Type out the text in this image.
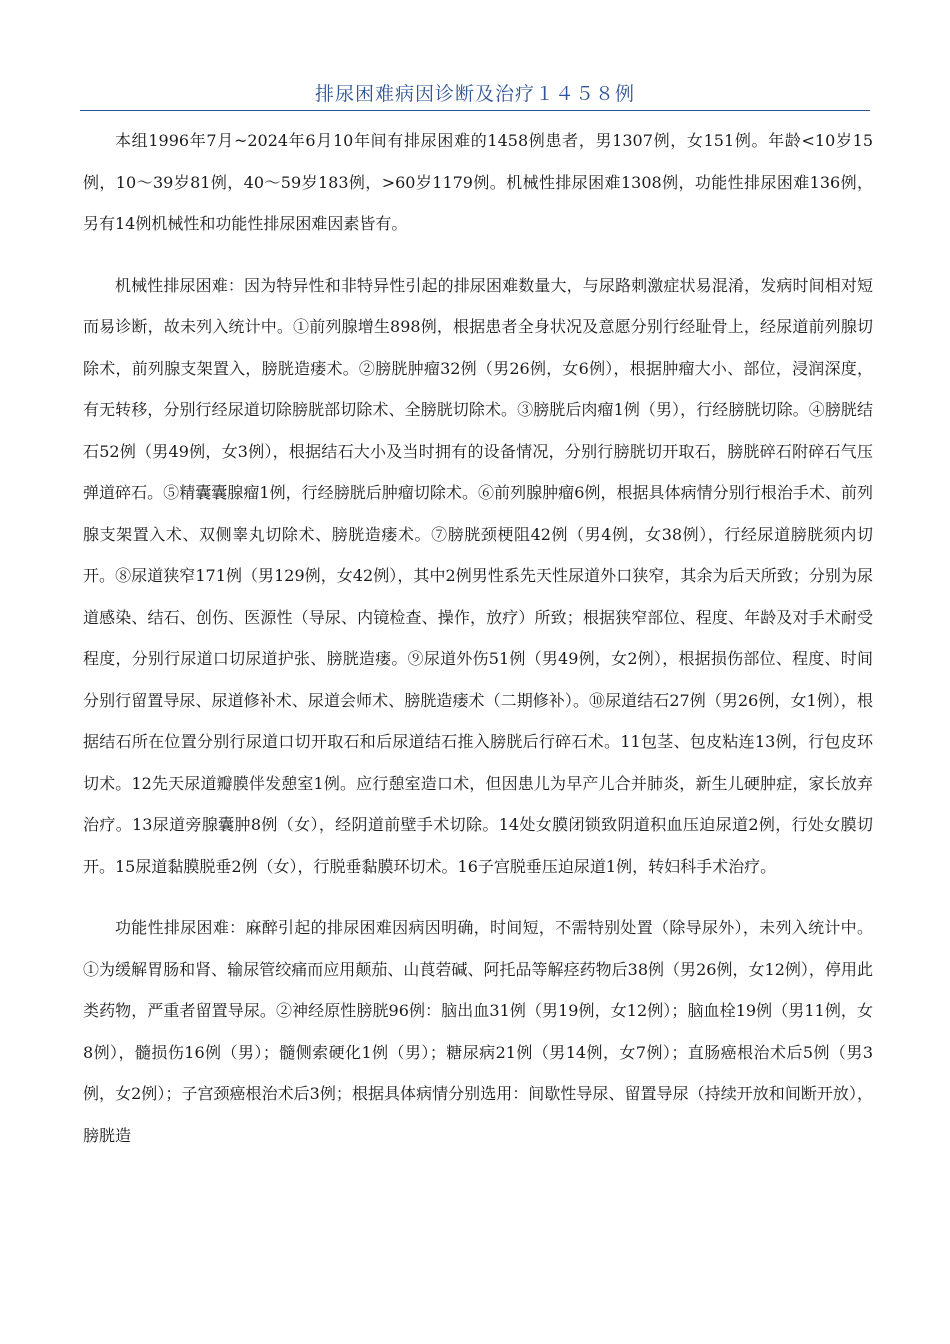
排尿困难病因诊断及治疗１４５８例

本组1996年7月~2024年6月10年间有排尿困难的1458例患者，男1307例，女151例。年龄<10岁15例，10～39岁81例，40～59岁183例，>60岁1179例。机械性排尿困难1308例，功能性排尿困难136例，另有14例机械性和功能性排尿困难因素皆有。

机械性排尿困难：因为特异性和非特异性引起的排尿困难数量大，与尿路刺激症状易混淆，发病时间相对短而易诊断，故未列入统计中。①前列腺增生898例，根据患者全身状况及意愿分别行经耻骨上，经尿道前列腺切除术，前列腺支架置入，膀胱造瘘术。②膀胱肿瘤32例（男26例，女6例），根据肿瘤大小、部位，浸润深度，有无转移，分别行经尿道切除膀胱部切除术、全膀胱切除术。③膀胱后肉瘤1例（男），行经膀胱切除。④膀胱结石52例（男49例，女3例），根据结石大小及当时拥有的设备情况，分别行膀胱切开取石，膀胱碎石附碎石气压弹道碎石。⑤精囊囊腺瘤1例，行经膀胱后肿瘤切除术。⑥前列腺肿瘤6例，根据具体病情分别行根治手术、前列腺支架置入术、双侧睾丸切除术、膀胱造瘘术。⑦膀胱颈梗阻42例（男4例，女38例），行经尿道膀胱须内切开。⑧尿道狭窄171例（男129例，女42例），其中2例男性系先天性尿道外口狭窄，其余为后天所致；分别为尿道感染、结石、创伤、医源性（导尿、内镜检查、操作，放疗）所致；根据狭窄部位、程度、年龄及对手术耐受程度，分别行尿道口切尿道护张、膀胱造瘘。⑨尿道外伤51例（男49例，女2例），根据损伤部位、程度、时间分别行留置导尿、尿道修补术、尿道会师术、膀胱造瘘术（二期修补）。⑩尿道结石27例（男26例，女1例），根据结石所在位置分别行尿道口切开取石和后尿道结石推入膀胱后行碎石术。11包茎、包皮粘连13例，行包皮环切术。12先天尿道瓣膜伴发憩室1例。应行憩室造口术，但因患儿为早产儿合并肺炎，新生儿硬肿症，家长放弃治疗。13尿道旁腺囊肿8例（女），经阴道前壁手术切除。14处女膜闭锁致阴道积血压迫尿道2例，行处女膜切开。15尿道黏膜脱垂2例（女），行脱垂黏膜环切术。16子宫脱垂压迫尿道1例，转妇科手术治疗。

功能性排尿困难：麻醉引起的排尿困难因病因明确，时间短，不需特别处置（除导尿外），未列入统计中。①为缓解胃肠和肾、输尿管绞痛而应用颠茄、山莨菪碱、阿托品等解痉药物后38例（男26例，女12例），停用此类药物，严重者留置导尿。②神经原性膀胱96例：脑出血31例（男19例，女12例）；脑血栓19例（男11例，女8例），髓损伤16例（男）；髓侧索硬化1例（男）；糖尿病21例（男14例，女7例）；直肠癌根治术后5例（男3例，女2例）；子宫颈癌根治术后3例；根据具体病情分别选用：间歇性导尿、留置导尿（持续开放和间断开放），膀胱造
